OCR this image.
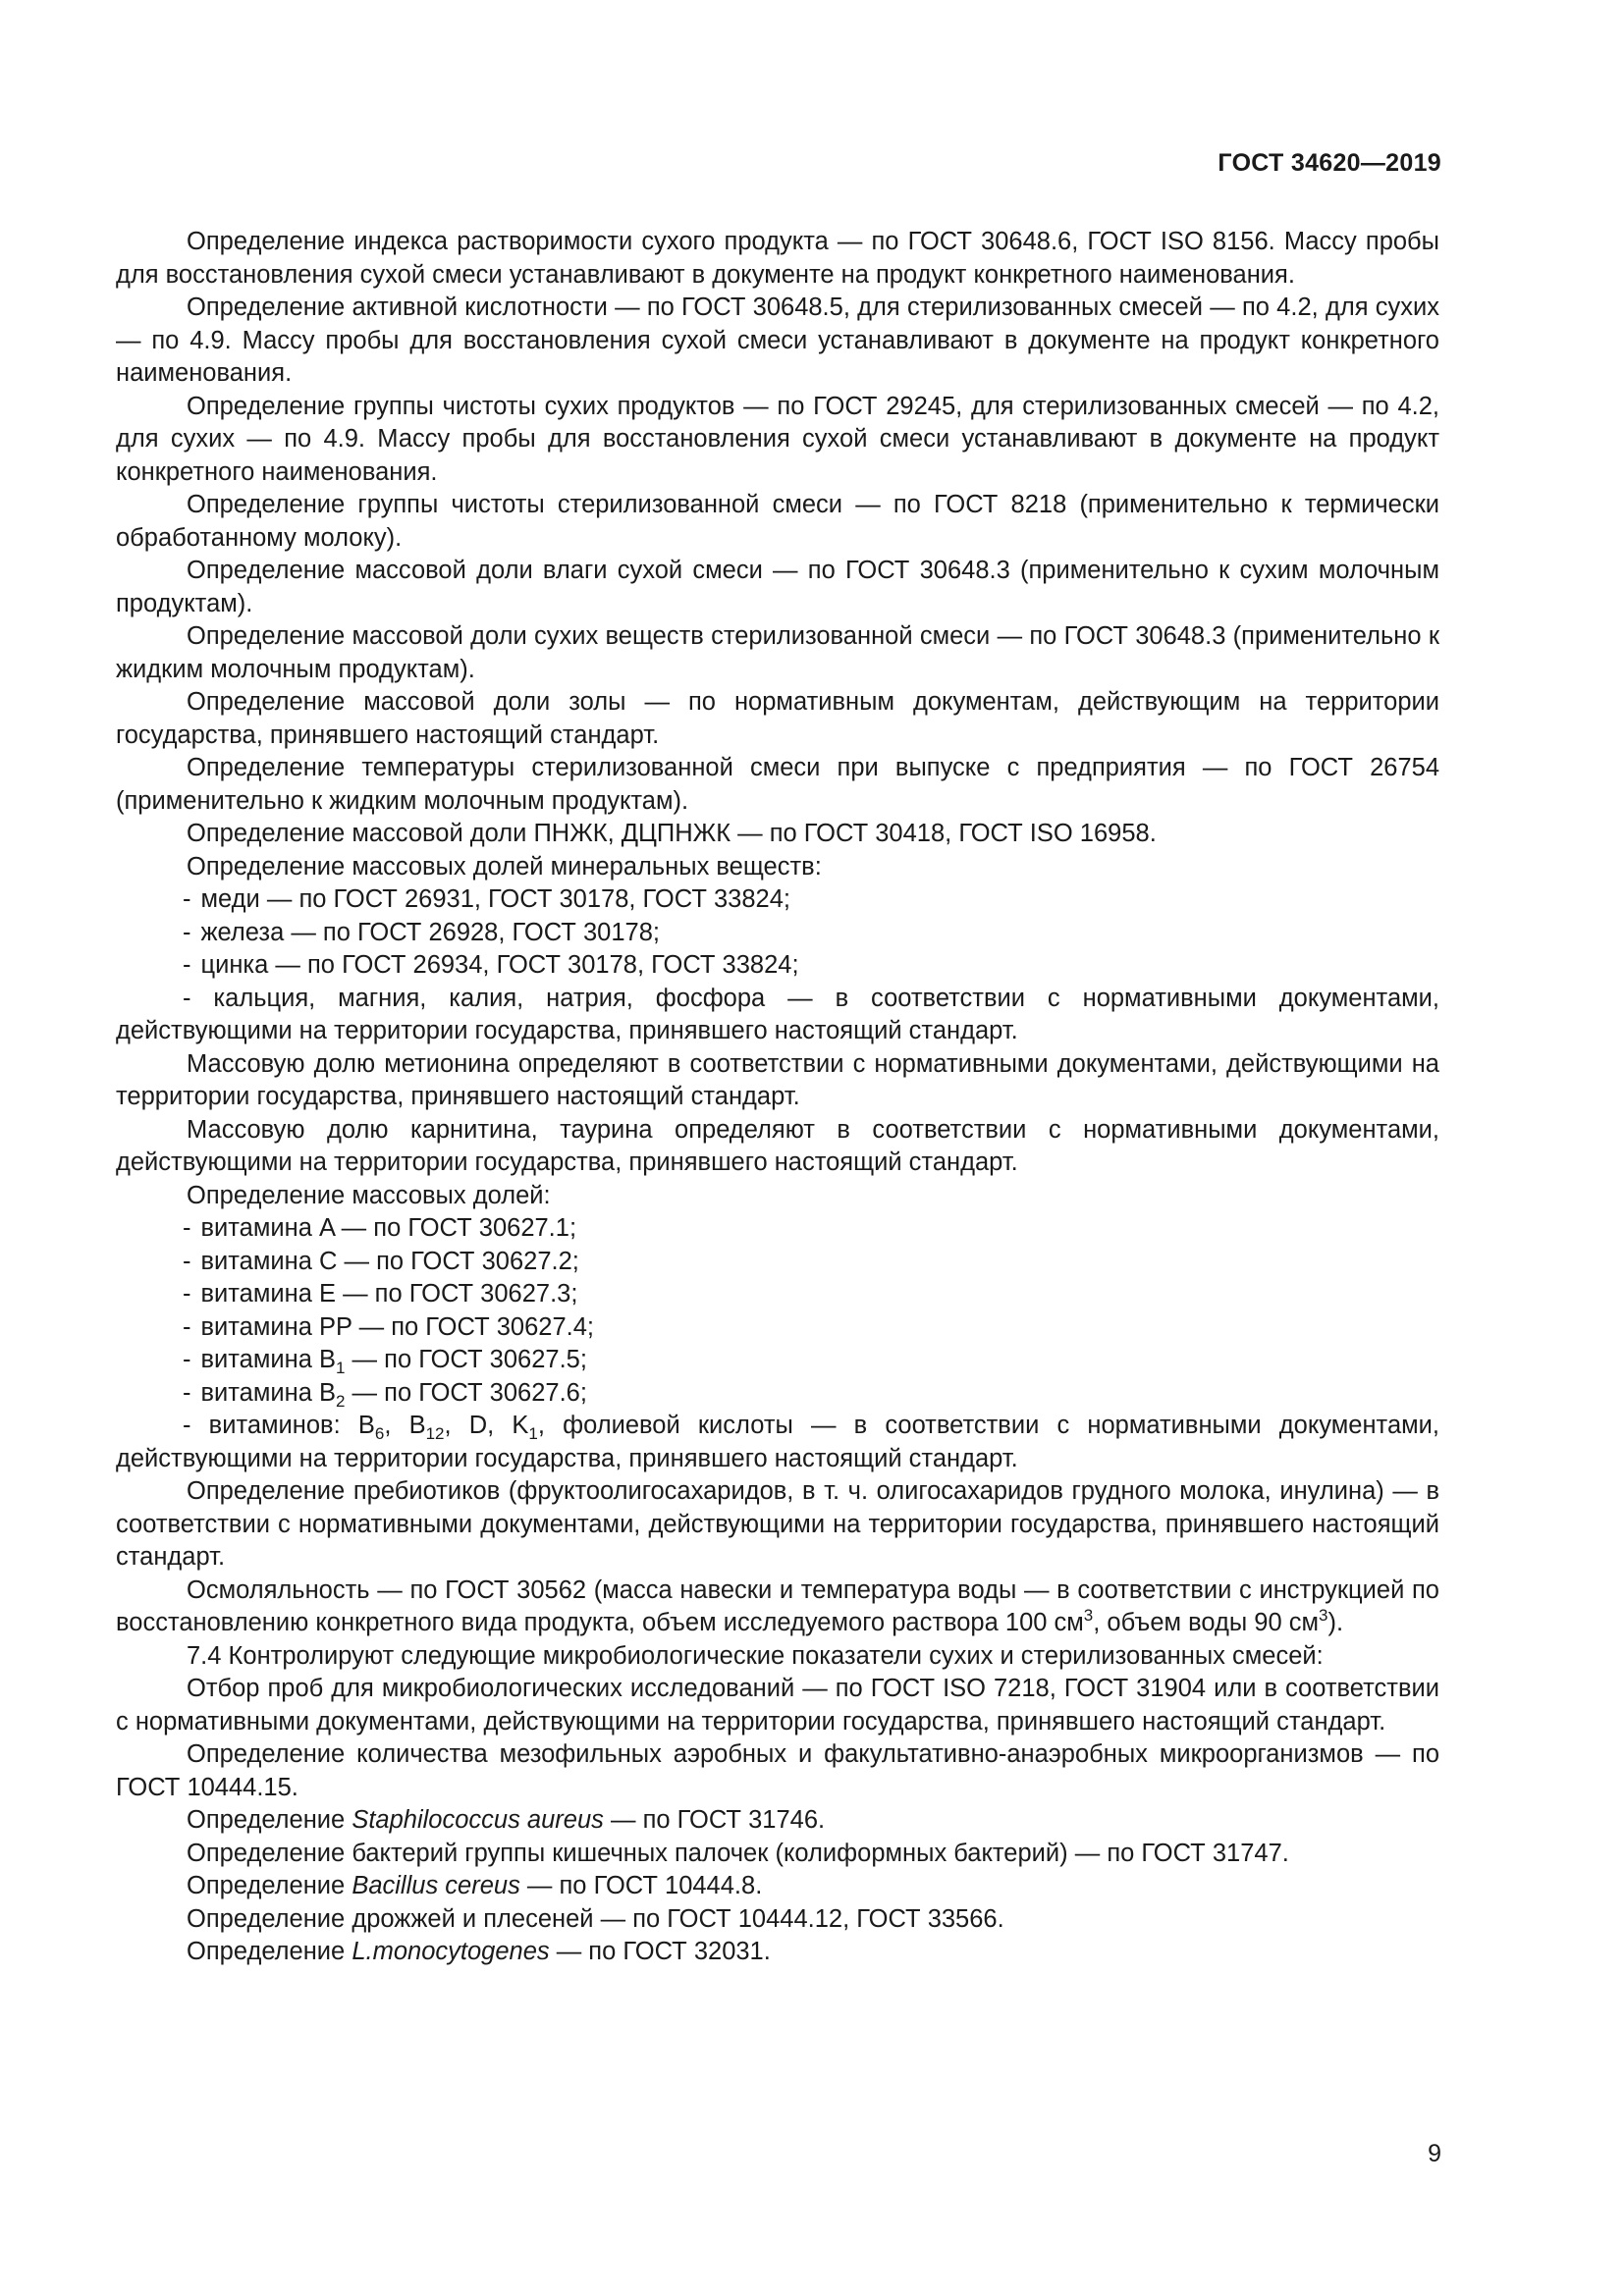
ГОСТ 34620—2019

Определение индекса растворимости сухого продукта — по ГОСТ 30648.6, ГОСТ ISO 8156. Массу пробы для восстановления сухой смеси устанавливают в документе на продукт конкретного наименования.

Определение активной кислотности — по ГОСТ 30648.5, для стерилизованных смесей — по 4.2, для сухих — по 4.9. Массу пробы для восстановления сухой смеси устанавливают в документе на продукт конкретного наименования.

Определение группы чистоты сухих продуктов — по ГОСТ 29245, для стерилизованных смесей — по 4.2, для сухих — по 4.9. Массу пробы для восстановления сухой смеси устанавливают в документе на продукт конкретного наименования.

Определение группы чистоты стерилизованной смеси — по ГОСТ 8218 (применительно к термически обработанному молоку).

Определение массовой доли влаги сухой смеси — по ГОСТ 30648.3 (применительно к сухим молочным продуктам).

Определение массовой доли сухих веществ стерилизованной смеси — по ГОСТ 30648.3 (применительно к жидким молочным продуктам).

Определение массовой доли золы — по нормативным документам, действующим на территории государства, принявшего настоящий стандарт.

Определение температуры стерилизованной смеси при выпуске с предприятия — по ГОСТ 26754 (применительно к жидким молочным продуктам).

Определение массовой доли ПНЖК, ДЦПНЖК — по ГОСТ 30418, ГОСТ ISO 16958.

Определение массовых долей минеральных веществ:

- меди — по ГОСТ 26931, ГОСТ 30178, ГОСТ 33824;

- железа — по ГОСТ 26928, ГОСТ 30178;

- цинка — по ГОСТ 26934, ГОСТ 30178, ГОСТ 33824;

- кальция, магния, калия, натрия, фосфора — в соответствии с нормативными документами, действующими на территории государства, принявшего настоящий стандарт.

Массовую долю метионина определяют в соответствии с нормативными документами, действующими на территории государства, принявшего настоящий стандарт.

Массовую долю карнитина, таурина определяют в соответствии с нормативными документами, действующими на территории государства, принявшего настоящий стандарт.

Определение массовых долей:

- витамина A — по ГОСТ 30627.1;

- витамина C — по ГОСТ 30627.2;

- витамина E — по ГОСТ 30627.3;

- витамина PP — по ГОСТ 30627.4;

- витамина $B_1$ — по ГОСТ 30627.5;

- витамина $B_2$ — по ГОСТ 30627.6;

- витаминов: $B_6$, $B_{12}$, D, $K_1$, фолиевой кислоты — в соответствии с нормативными документами, действующими на территории государства, принявшего настоящий стандарт.

Определение пребиотиков (фруктоолигосахаридов, в т. ч. олигосахаридов грудного молока, инулина) — в соответствии с нормативными документами, действующими на территории государства, принявшего настоящий стандарт.

Осмоляльность — по ГОСТ 30562 (масса навески и температура воды — в соответствии с инструкцией по восстановлению конкретного вида продукта, объем исследуемого раствора 100 $см^3$, объем воды 90 $см^3$).

7.4 Контролируют следующие микробиологические показатели сухих и стерилизованных смесей:

Отбор проб для микробиологических исследований — по ГОСТ ISO 7218, ГОСТ 31904 или в соответствии с нормативными документами, действующими на территории государства, принявшего настоящий стандарт.

Определение количества мезофильных аэробных и факультативно-анаэробных микроорганизмов — по ГОСТ 10444.15.

Определение Staphilococcus aureus — по ГОСТ 31746.

Определение бактерий группы кишечных палочек (колиформных бактерий) — по ГОСТ 31747.

Определение Bacillus cereus — по ГОСТ 10444.8.

Определение дрожжей и плесеней — по ГОСТ 10444.12, ГОСТ 33566.

Определение L.monocytogenes — по ГОСТ 32031.

9
